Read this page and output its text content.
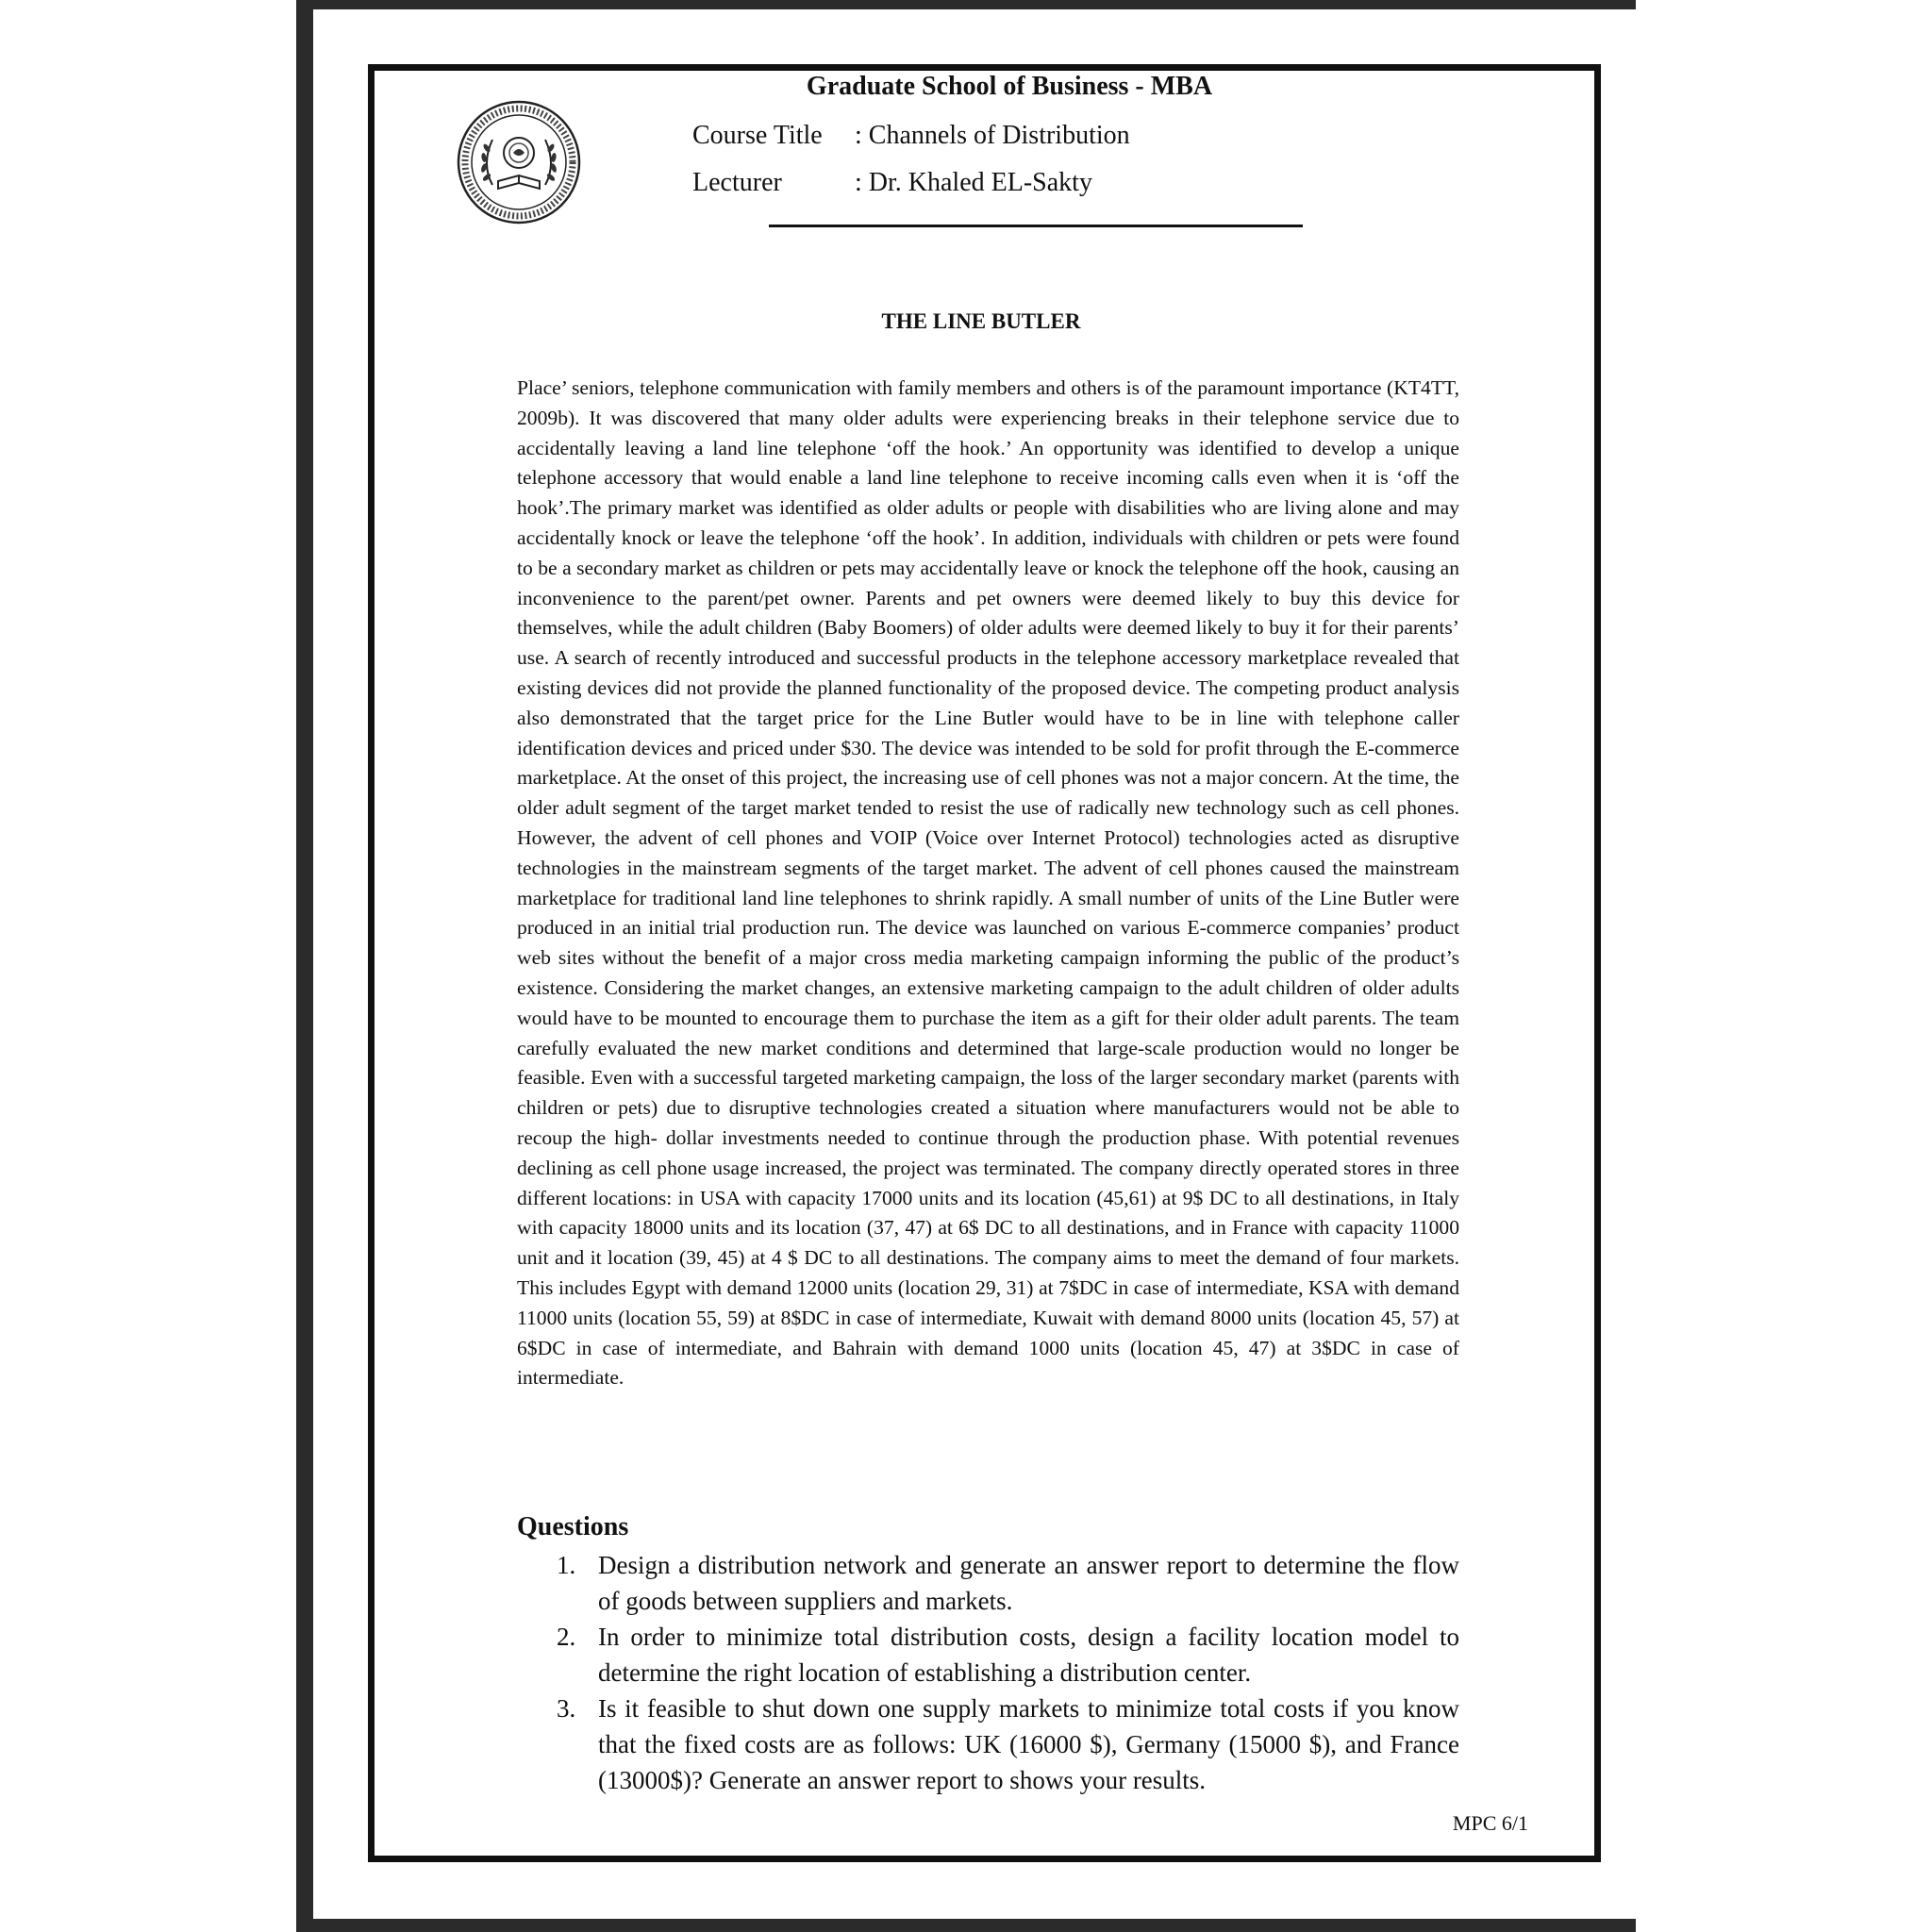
Graduate School of Business - MBA
Course Title : Channels of Distribution
Lecturer	: Dr. Khaled EL-Sakty
THE LINE BUTLER

Place’ seniors, telephone communication with family members and others is of the paramount importance (KT4TT, 2009b). It was discovered that many older adults were experiencing breaks in their telephone service due to accidentally leaving a land line telephone ‘off the hook.’ An opportunity was identified to develop a unique telephone accessory that would enable a land line telephone to receive incoming calls even when it is ‘off the hook’.The primary market was identified as older adults or people with disabilities who are living alone and may accidentally knock or leave the telephone ‘off the hook’. In addition, individuals with children or pets were found to be a secondary market as children or pets may accidentally leave or knock the telephone off the hook, causing an inconvenience to the parent/pet owner. Parents and pet owners were deemed likely to buy this device for themselves, while the adult children (Baby Boomers) of older adults were deemed likely to buy it for their parents’ use. A search of recently introduced and successful products in the telephone accessory marketplace revealed that existing devices did not provide the planned functionality of the proposed device. The competing product analysis also demonstrated that the target price for the Line Butler would have to be in line with telephone caller identification devices and priced under $30. The device was intended to be sold for profit through the E-commerce marketplace. At the onset of this project, the increasing use of cell phones was not a major concern. At the time, the older adult segment of the target market tended to resist the use of radically new technology such as cell phones. However, the advent of cell phones and VOIP (Voice over Internet Protocol) technologies acted as disruptive technologies in the mainstream segments of the target market. The advent of cell phones caused the mainstream marketplace for traditional land line telephones to shrink rapidly. A small number of units of the Line Butler were produced in an initial trial production run. The device was launched on various E-commerce companies’ product web sites without the benefit of a major cross media marketing campaign informing the public of the product’s existence. Considering the market changes, an extensive marketing campaign to the adult children of older adults would have to be mounted to encourage them to purchase the item as a gift for their older adult parents. The team carefully evaluated the new market conditions and determined that large-scale production would no longer be feasible. Even with a successful targeted marketing campaign, the loss of the larger secondary market (parents with children or pets) due to disruptive technologies created a situation where manufacturers would not be able to recoup the high- dollar investments needed to continue through the production phase. With potential revenues declining as cell phone usage increased, the project was terminated. The company directly operated stores in three different locations: in USA with capacity 17000 units and its location (45,61) at 9$ DC to all destinations, in Italy with capacity 18000 units and its location (37, 47) at 6$ DC to all destinations, and in France with capacity 11000 unit and it location (39, 45) at 4 $ DC to all destinations. The company aims to meet the demand of four markets. This includes Egypt with demand 12000 units (location 29, 31) at 7$DC in case of intermediate, KSA with demand 11000 units (location 55, 59) at 8$DC in case of intermediate, Kuwait with demand 8000 units (location 45, 57) at 6$DC in case of intermediate, and Bahrain with demand 1000 units (location 45, 47) at 3$DC in case of intermediate.

Questions
1. Design a distribution network and generate an answer report to determine the flow of goods between suppliers and markets.
2. In order to minimize total distribution costs, design a facility location model to determine the right location of establishing a distribution center.
3. Is it feasible to shut down one supply markets to minimize total costs if you know that the fixed costs are as follows: UK (16000 $), Germany (15000 $), and France (13000$)? Generate an answer report to shows your results.
MPC 6/1
